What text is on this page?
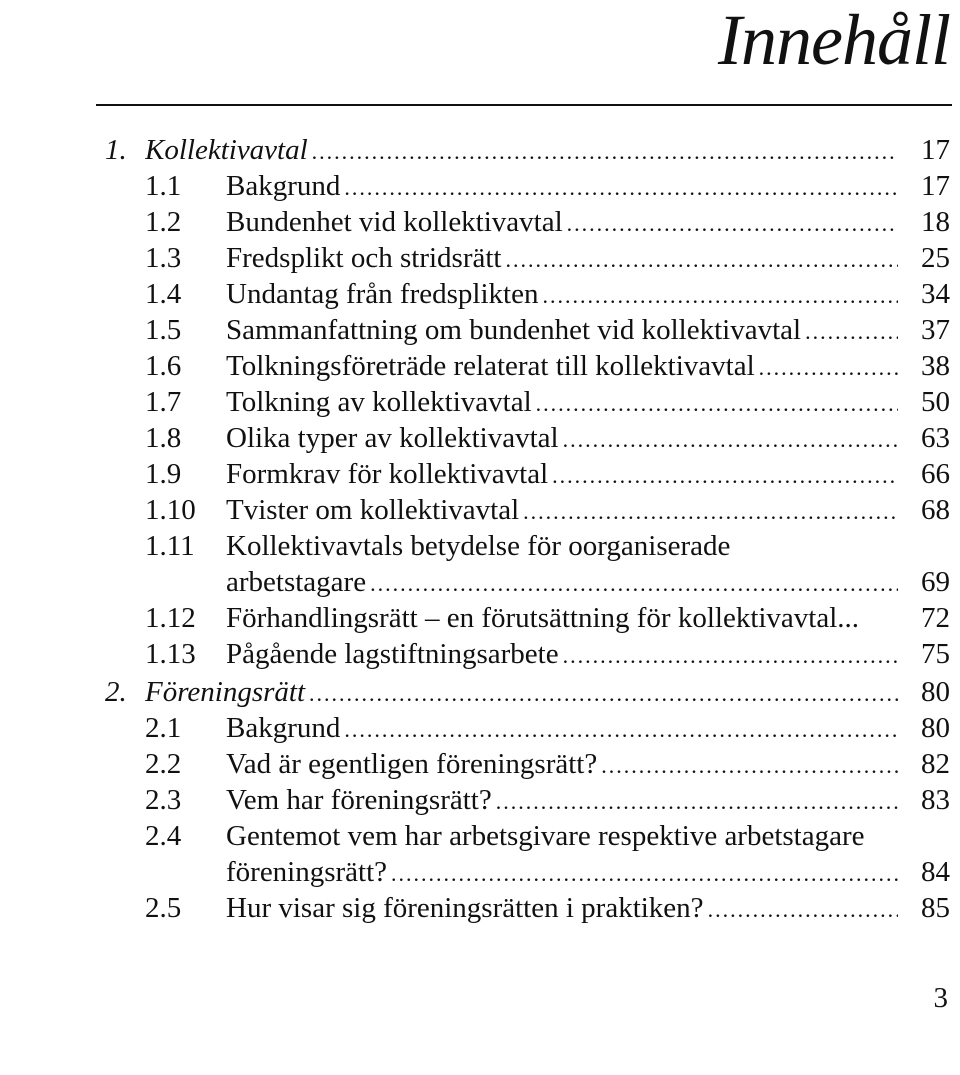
Innehåll
1. Kollektivavtal .....	17
1.1 Bakgrund .....	17
1.2 Bundenhet vid kollektivavtal .....	18
1.3 Fredsplikt och stridsrätt .....	25
1.4 Undantag från fredsplikten .....	34
1.5 Sammanfattning om bundenhet vid kollektivavtal .....	37
1.6 Tolkningsföreträde relaterat till kollektivavtal .....	38
1.7 Tolkning av kollektivavtal .....	50
1.8 Olika typer av kollektivavtal .....	63
1.9 Formkrav för kollektivavtal .....	66
1.10 Tvister om kollektivavtal .....	68
1.11 Kollektivavtals betydelse för oorganiserade
arbetstagare .....	69
1.12 Förhandlingsrätt – en förutsättning för kollektivavtal...	72
1.13 Pågående lagstiftningsarbete .....	75
2. Föreningsrätt .....	80
2.1 Bakgrund .....	80
2.2 Vad är egentligen föreningsrätt? .....	82
2.3 Vem har föreningsrätt? .....	83
2.4 Gentemot vem har arbetsgivare respektive arbetstagare
föreningsrätt? .....	84
2.5 Hur visar sig föreningsrätten i praktiken? .....	85
3
